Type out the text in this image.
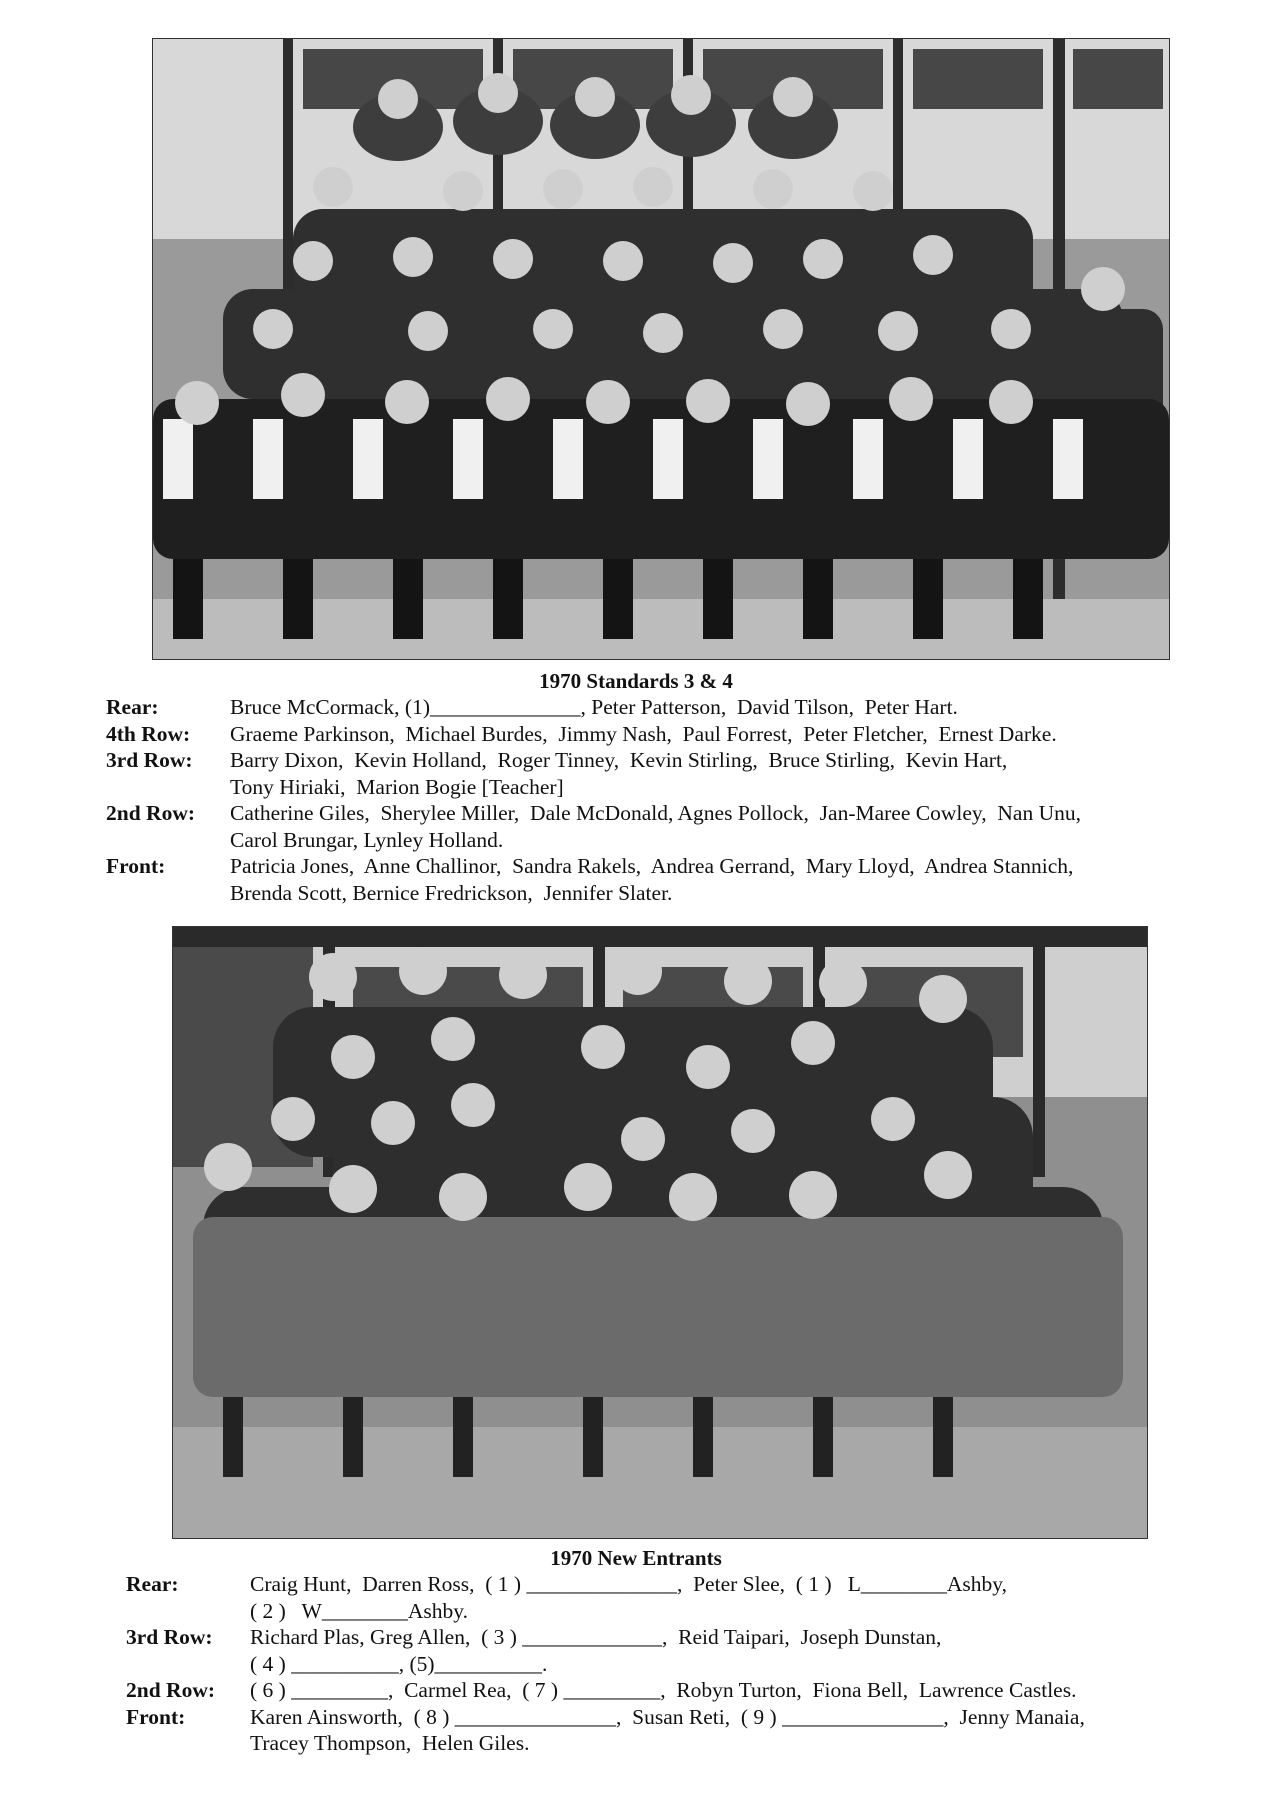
1970 Standards 3 & 4
Rear:	Bruce McCormack, (1)______________, Peter Patterson,  David Tilson,  Peter Hart.
4th Row:	Graeme Parkinson,  Michael Burdes,  Jimmy Nash,  Paul Forrest,  Peter Fletcher,  Ernest Darke.
3rd Row:	Barry Dixon,  Kevin Holland,  Roger Tinney,  Kevin Stirling,  Bruce Stirling,  Kevin Hart,
Tony Hiriaki,  Marion Bogie [Teacher]
2nd Row:	Catherine Giles,  Sherylee Miller,  Dale McDonald, Agnes Pollock,  Jan-Maree Cowley,  Nan Unu,
Carol Brungar, Lynley Holland.
Front:	Patricia Jones,  Anne Challinor,  Sandra Rakels,  Andrea Gerrand,  Mary Lloyd,  Andrea Stannich,
Brenda Scott, Bernice Fredrickson,  Jennifer Slater.
1970 New Entrants
Rear:	Craig Hunt,  Darren Ross,  ( 1 ) ______________,  Peter Slee,  ( 1 )   L________Ashby,
( 2 )   W________Ashby.
3rd Row:	Richard Plas, Greg Allen,  ( 3 ) _____________,  Reid Taipari,  Joseph Dunstan,
( 4 ) __________, (5)__________.
2nd Row:	( 6 ) _________,  Carmel Rea,  ( 7 ) _________,  Robyn Turton,  Fiona Bell,  Lawrence Castles.
Front:	Karen Ainsworth,  ( 8 ) _______________,  Susan Reti,  ( 9 ) _______________,  Jenny Manaia,
Tracey Thompson,  Helen Giles.
